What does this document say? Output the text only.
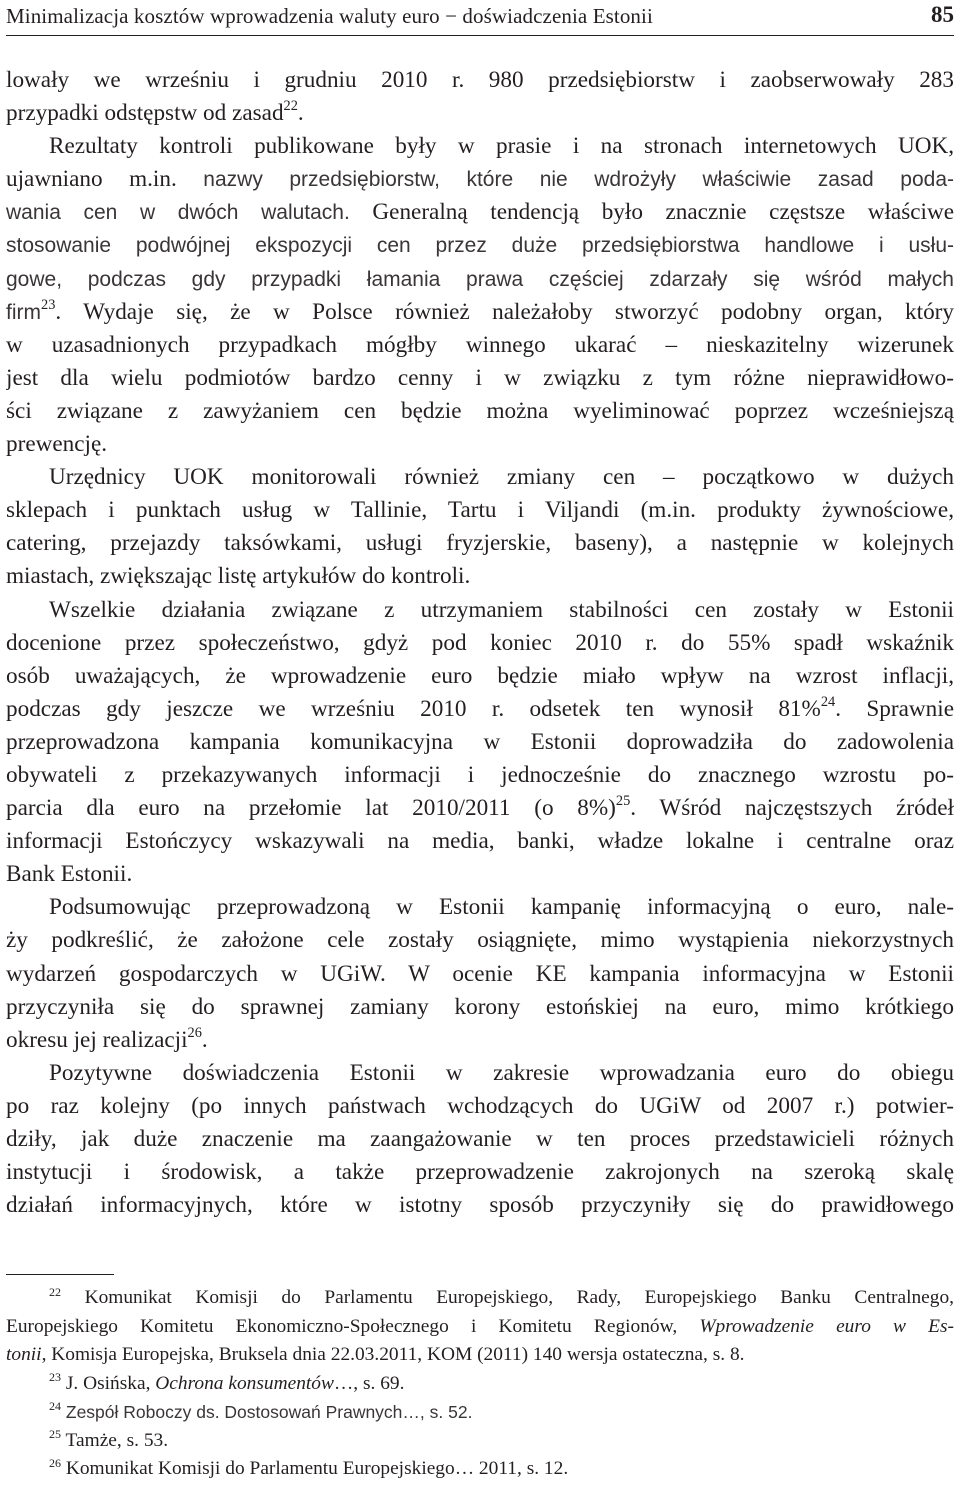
Minimalizacja kosztów wprowadzenia waluty euro − doświadczenia Estonii	85
lowały we wrześniu i grudniu 2010 r. 980 przedsiębiorstw i zaobserwowały 283
przypadki odstępstw od zasad$^{22}$.
Rezultaty kontroli publikowane były w prasie i na stronach internetowych UOK,
ujawniano m.in. nazwy przedsiębiorstw, które nie wdrożyły właściwie zasad poda-
wania cen w dwóch walutach. Generalną tendencją było znacznie częstsze właściwe
stosowanie podwójnej ekspozycji cen przez duże przedsiębiorstwa handlowe i usłu-
gowe, podczas gdy przypadki łamania prawa częściej zdarzały się wśród małych
firm$^{23}$. Wydaje się, że w Polsce również należałoby stworzyć podobny organ, który
w uzasadnionych przypadkach mógłby winnego ukarać – nieskazitelny wizerunek
jest dla wielu podmiotów bardzo cenny i w związku z tym różne nieprawidłowo-
ści związane z zawyżaniem cen będzie można wyeliminować poprzez wcześniejszą
prewencję.
Urzędnicy UOK monitorowali również zmiany cen – początkowo w dużych
sklepach i punktach usług w Tallinie, Tartu i Viljandi (m.in. produkty żywnościowe,
catering, przejazdy taksówkami, usługi fryzjerskie, baseny), a następnie w kolejnych
miastach, zwiększając listę artykułów do kontroli.
Wszelkie działania związane z utrzymaniem stabilności cen zostały w Estonii
docenione przez społeczeństwo, gdyż pod koniec 2010 r. do 55% spadł wskaźnik
osób uważających, że wprowadzenie euro będzie miało wpływ na wzrost inflacji,
podczas gdy jeszcze we wrześniu 2010 r. odsetek ten wynosił 81%$^{24}$. Sprawnie
przeprowadzona kampania komunikacyjna w Estonii doprowadziła do zadowolenia
obywateli z przekazywanych informacji i jednocześnie do znacznego wzrostu po-
parcia dla euro na przełomie lat 2010/2011 (o 8%)$^{25}$. Wśród najczęstszych źródeł
informacji Estończycy wskazywali na media, banki, władze lokalne i centralne oraz
Bank Estonii.
Podsumowując przeprowadzoną w Estonii kampanię informacyjną o euro, nale-
ży podkreślić, że założone cele zostały osiągnięte, mimo wystąpienia niekorzystnych
wydarzeń gospodarczych w UGiW. W ocenie KE kampania informacyjna w Estonii
przyczyniła się do sprawnej zamiany korony estońskiej na euro, mimo krótkiego
okresu jej realizacji$^{26}$.
Pozytywne doświadczenia Estonii w zakresie wprowadzania euro do obiegu
po raz kolejny (po innych państwach wchodzących do UGiW od 2007 r.) potwier-
dziły, jak duże znaczenie ma zaangażowanie w ten proces przedstawicieli różnych
instytucji i środowisk, a także przeprowadzenie zakrojonych na szeroką skalę
działań informacyjnych, które w istotny sposób przyczyniły się do prawidłowego
$^{22}$ Komunikat Komisji do Parlamentu Europejskiego, Rady, Europejskiego Banku Centralnego,
Europejskiego Komitetu Ekonomiczno-Społecznego i Komitetu Regionów, Wprowadzenie euro w Es-
tonii, Komisja Europejska, Bruksela dnia 22.03.2011, KOM (2011) 140 wersja ostateczna, s. 8.
$^{23}$ J. Osińska, Ochrona konsumentów…, s. 69.
$^{24}$ Zespół Roboczy ds. Dostosowań Prawnych…, s. 52.
$^{25}$ Tamże, s. 53.
$^{26}$ Komunikat Komisji do Parlamentu Europejskiego… 2011, s. 12.
